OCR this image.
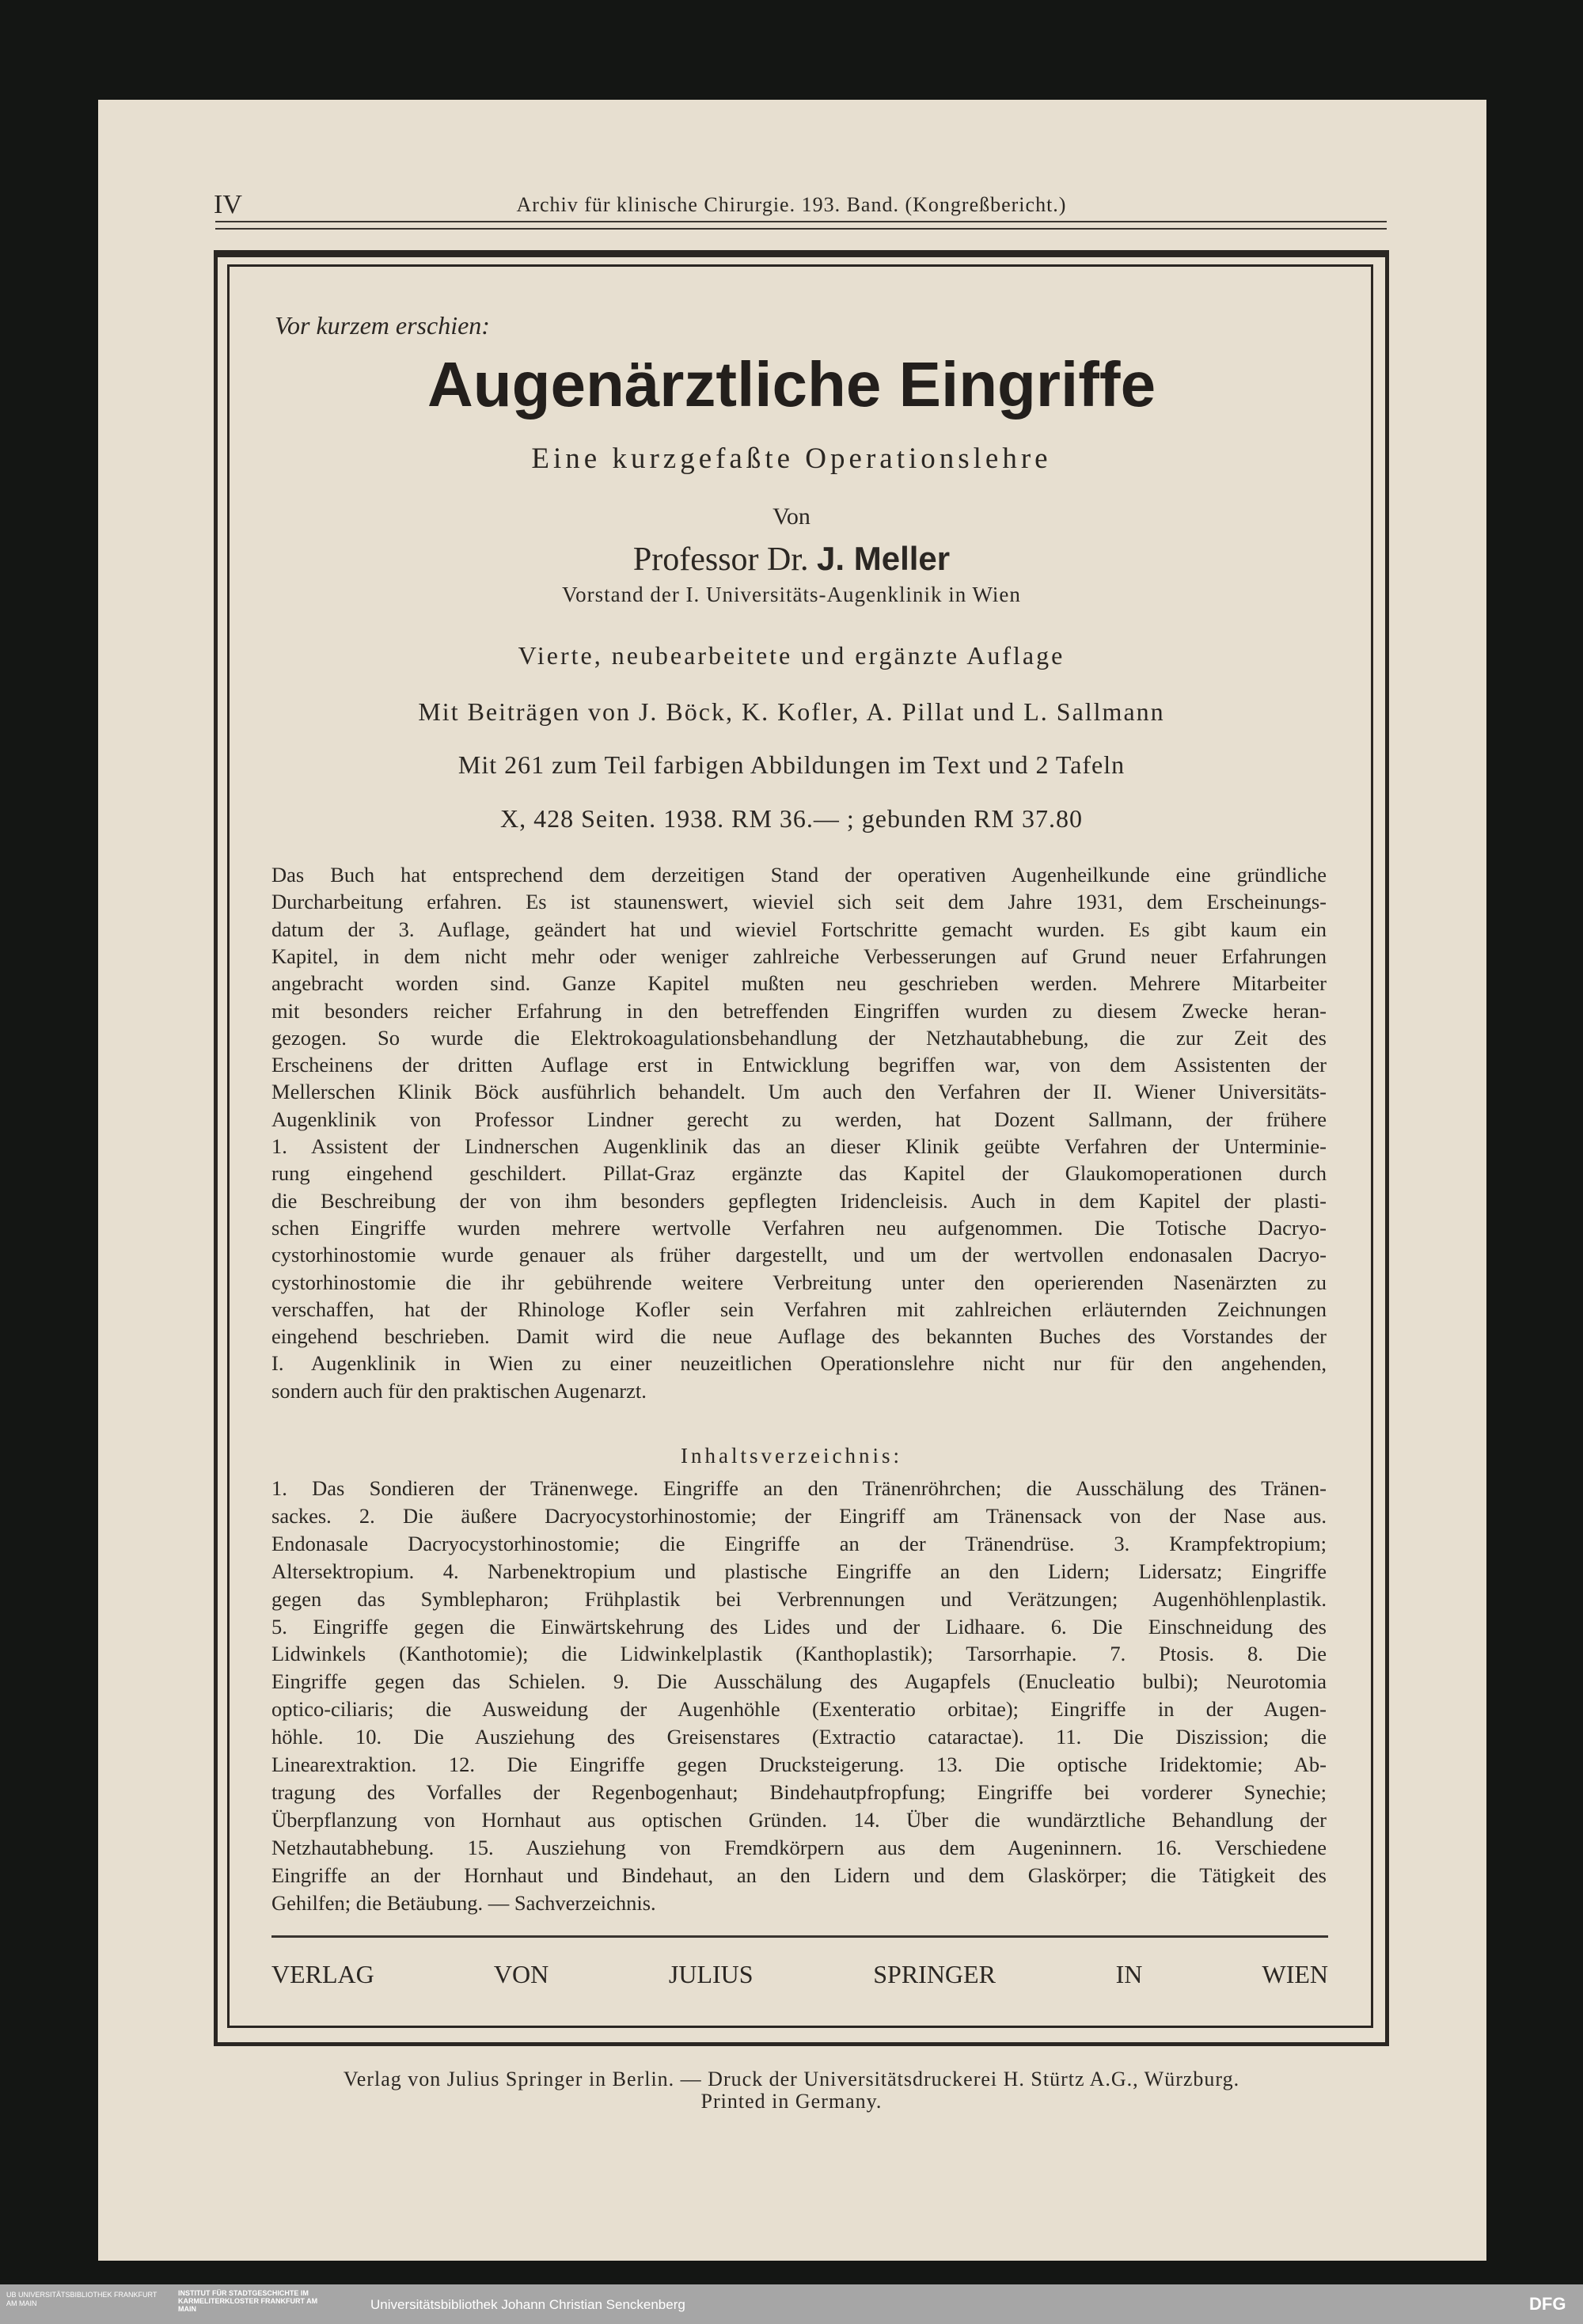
IV	Archiv für klinische Chirurgie. 193. Band. (Kongreßbericht.)
Vor kurzem erschien:
Augenärztliche Eingriffe
Eine kurzgefaßte Operationslehre
Von
Professor Dr. J. Meller
Vorstand der I. Universitäts-Augenklinik in Wien
Vierte, neubearbeitete und ergänzte Auflage
Mit Beiträgen von J. Böck, K. Kofler, A. Pillat und L. Sallmann
Mit 261 zum Teil farbigen Abbildungen im Text und 2 Tafeln
X, 428 Seiten. 1938. RM 36.— ; gebunden RM 37.80
Das Buch hat entsprechend dem derzeitigen Stand der operativen Augenheilkunde eine gründliche
Durcharbeitung erfahren. Es ist staunenswert, wieviel sich seit dem Jahre 1931, dem Erscheinungs-
datum der 3. Auflage, geändert hat und wieviel Fortschritte gemacht wurden. Es gibt kaum ein
Kapitel, in dem nicht mehr oder weniger zahlreiche Verbesserungen auf Grund neuer Erfahrungen
angebracht worden sind. Ganze Kapitel mußten neu geschrieben werden. Mehrere Mitarbeiter
mit besonders reicher Erfahrung in den betreffenden Eingriffen wurden zu diesem Zwecke heran-
gezogen. So wurde die Elektrokoagulationsbehandlung der Netzhautabhebung, die zur Zeit des
Erscheinens der dritten Auflage erst in Entwicklung begriffen war, von dem Assistenten der
Mellerschen Klinik Böck ausführlich behandelt. Um auch den Verfahren der II. Wiener Universitäts-
Augenklinik von Professor Lindner gerecht zu werden, hat Dozent Sallmann, der frühere
1. Assistent der Lindnerschen Augenklinik das an dieser Klinik geübte Verfahren der Unterminie-
rung eingehend geschildert. Pillat-Graz ergänzte das Kapitel der Glaukomoperationen durch
die Beschreibung der von ihm besonders gepflegten Iridencleisis. Auch in dem Kapitel der plasti-
schen Eingriffe wurden mehrere wertvolle Verfahren neu aufgenommen. Die Totische Dacryo-
cystorhinostomie wurde genauer als früher dargestellt, und um der wertvollen endonasalen Dacryo-
cystorhinostomie die ihr gebührende weitere Verbreitung unter den operierenden Nasenärzten zu
verschaffen, hat der Rhinologe Kofler sein Verfahren mit zahlreichen erläuternden Zeichnungen
eingehend beschrieben. Damit wird die neue Auflage des bekannten Buches des Vorstandes der
I. Augenklinik in Wien zu einer neuzeitlichen Operationslehre nicht nur für den angehenden,
sondern auch für den praktischen Augenarzt.
Inhaltsverzeichnis:
1. Das Sondieren der Tränenwege. Eingriffe an den Tränenröhrchen; die Ausschälung des Tränen-
sackes. 2. Die äußere Dacryocystorhinostomie; der Eingriff am Tränensack von der Nase aus.
Endonasale Dacryocystorhinostomie; die Eingriffe an der Tränendrüse. 3. Krampfektropium;
Altersektropium. 4. Narbenektropium und plastische Eingriffe an den Lidern; Lidersatz; Eingriffe
gegen das Symblepharon; Frühplastik bei Verbrennungen und Verätzungen; Augenhöhlenplastik.
5. Eingriffe gegen die Einwärtskehrung des Lides und der Lidhaare. 6. Die Einschneidung des
Lidwinkels (Kanthotomie); die Lidwinkelplastik (Kanthoplastik); Tarsorrhapie. 7. Ptosis. 8. Die
Eingriffe gegen das Schielen. 9. Die Ausschälung des Augapfels (Enucleatio bulbi); Neurotomia
optico-ciliaris; die Ausweidung der Augenhöhle (Exenteratio orbitae); Eingriffe in der Augen-
höhle. 10. Die Ausziehung des Greisenstares (Extractio cataractae). 11. Die Diszission; die
Linearextraktion. 12. Die Eingriffe gegen Drucksteigerung. 13. Die optische Iridektomie; Ab-
tragung des Vorfalles der Regenbogenhaut; Bindehautpfropfung; Eingriffe bei vorderer Synechie;
Überpflanzung von Hornhaut aus optischen Gründen. 14. Über die wundärztliche Behandlung der
Netzhautabhebung. 15. Ausziehung von Fremdkörpern aus dem Augeninnern. 16. Verschiedene
Eingriffe an der Hornhaut und Bindehaut, an den Lidern und dem Glaskörper; die Tätigkeit des
Gehilfen; die Betäubung. — Sachverzeichnis.
VERLAG VON JULIUS SPRINGER IN WIEN
Verlag von Julius Springer in Berlin. — Druck der Universitätsdruckerei H. Stürtz A.G., Würzburg.
Printed in Germany.
UB UNIVERSITÄTSBIBLIOTHEK FRANKFURT AM MAIN
INSTITUT FÜR STADTGESCHICHTE IM KARMELITERKLOSTER FRANKFURT AM MAIN	Universitätsbibliothek Johann Christian Senckenberg	DFG
